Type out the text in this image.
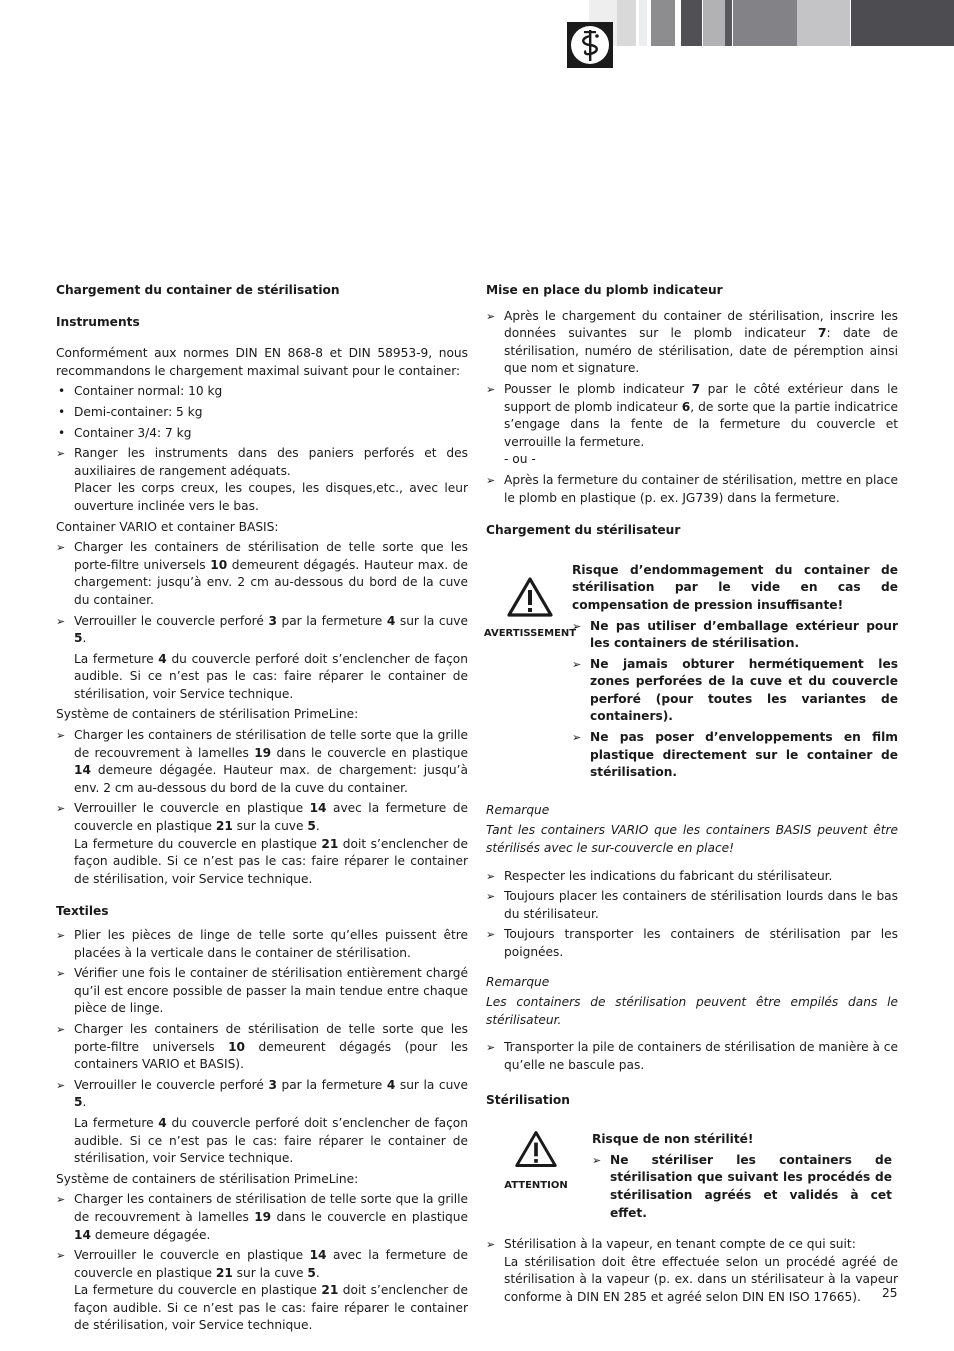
Chargement du container de stérilisation
Instruments

Conformément aux normes DIN EN 868-8 et DIN 58953-9, nous recommandons le chargement maximal suivant pour le container:

• Container normal: 10 kg
• Demi-container: 5 kg
• Container 3/4: 7 kg
➢ Ranger les instruments dans des paniers perforés et des auxiliaires de rangement adéquats.
Placer les corps creux, les coupes, les disques,etc., avec leur ouverture inclinée vers le bas.

Container VARIO et container BASIS:

➢ Charger les containers de stérilisation de telle sorte que les porte-filtre universels 10 demeurent dégagés. Hauteur max. de chargement: jusqu’à env. 2 cm au-dessous du bord de la cuve du container.
➢ Verrouiller le couvercle perforé 3 par la fermeture 4 sur la cuve 5.
La fermeture 4 du couvercle perforé doit s’enclencher de façon audible. Si ce n’est pas le cas: faire réparer le container de stérilisation, voir Service technique.

Système de containers de stérilisation PrimeLine:

➢ Charger les containers de stérilisation de telle sorte que la grille de recouvrement à lamelles 19 dans le couvercle en plastique 14 demeure dégagée. Hauteur max. de chargement: jusqu’à env. 2 cm au-dessous du bord de la cuve du container.
➢ Verrouiller le couvercle en plastique 14 avec la fermeture de couvercle en plastique 21 sur la cuve 5.
La fermeture du couvercle en plastique 21 doit s’enclencher de façon audible. Si ce n’est pas le cas: faire réparer le container de stérilisation, voir Service technique.
Textiles
➢ Plier les pièces de linge de telle sorte qu’elles puissent être placées à la verticale dans le container de stérilisation.
➢ Vérifier une fois le container de stérilisation entièrement chargé qu’il est encore possible de passer la main tendue entre chaque pièce de linge.
➢ Charger les containers de stérilisation de telle sorte que les porte-filtre universels 10 demeurent dégagés (pour les containers VARIO et BASIS).
➢ Verrouiller le couvercle perforé 3 par la fermeture 4 sur la cuve 5.
La fermeture 4 du couvercle perforé doit s’enclencher de façon audible. Si ce n’est pas le cas: faire réparer le container de stérilisation, voir Service technique.

Système de containers de stérilisation PrimeLine:

➢ Charger les containers de stérilisation de telle sorte que la grille de recouvrement à lamelles 19 dans le couvercle en plastique 14 demeure dégagée.
➢ Verrouiller le couvercle en plastique 14 avec la fermeture de couvercle en plastique 21 sur la cuve 5.
La fermeture du couvercle en plastique 21 doit s’enclencher de façon audible. Si ce n’est pas le cas: faire réparer le container de stérilisation, voir Service technique.
Mise en place du plomb indicateur
➢ Après le chargement du container de stérilisation, inscrire les données suivantes sur le plomb indicateur 7: date de stérilisation, numéro de stérilisation, date de péremption ainsi que nom et signature.
➢ Pousser le plomb indicateur 7 par le côté extérieur dans le support de plomb indicateur 6, de sorte que la partie indicatrice s’engage dans la fente de la fermeture du couvercle et verrouille la fermeture.
- ou -
➢ Après la fermeture du container de stérilisation, mettre en place le plomb en plastique (p. ex. JG739) dans la fermeture.
Chargement du stérilisateur
AVERTISSEMENT

Risque d’endommagement du container de stérilisation par le vide en cas de compensation de pression insuffisante!

➢ Ne pas utiliser d’emballage extérieur pour les containers de stérilisation.
➢ Ne jamais obturer hermétiquement les zones perforées de la cuve et du couvercle perforé (pour toutes les variantes de containers).
➢ Ne pas poser d’enveloppements en film plastique directement sur le container de stérilisation.

Remarque

Tant les containers VARIO que les containers BASIS peuvent être stérilisés avec le sur-couvercle en place!

➢ Respecter les indications du fabricant du stérilisateur.
➢ Toujours placer les containers de stérilisation lourds dans le bas du stérilisateur.
➢ Toujours transporter les containers de stérilisation par les poignées.

Remarque

Les containers de stérilisation peuvent être empilés dans le stérilisateur.

➢ Transporter la pile de containers de stérilisation de manière à ce qu’elle ne bascule pas.
Stérilisation
ATTENTION

Risque de non stérilité!

➢ Ne stériliser les containers de stérilisation que suivant les procédés de stérilisation agréés et validés à cet effet.
➢ Stérilisation à la vapeur, en tenant compte de ce qui suit:
La stérilisation doit être effectuée selon un procédé agréé de stérilisation à la vapeur (p. ex. dans un stérilisateur à la vapeur conforme à DIN EN 285 et agréé selon DIN EN ISO 17665).	25
